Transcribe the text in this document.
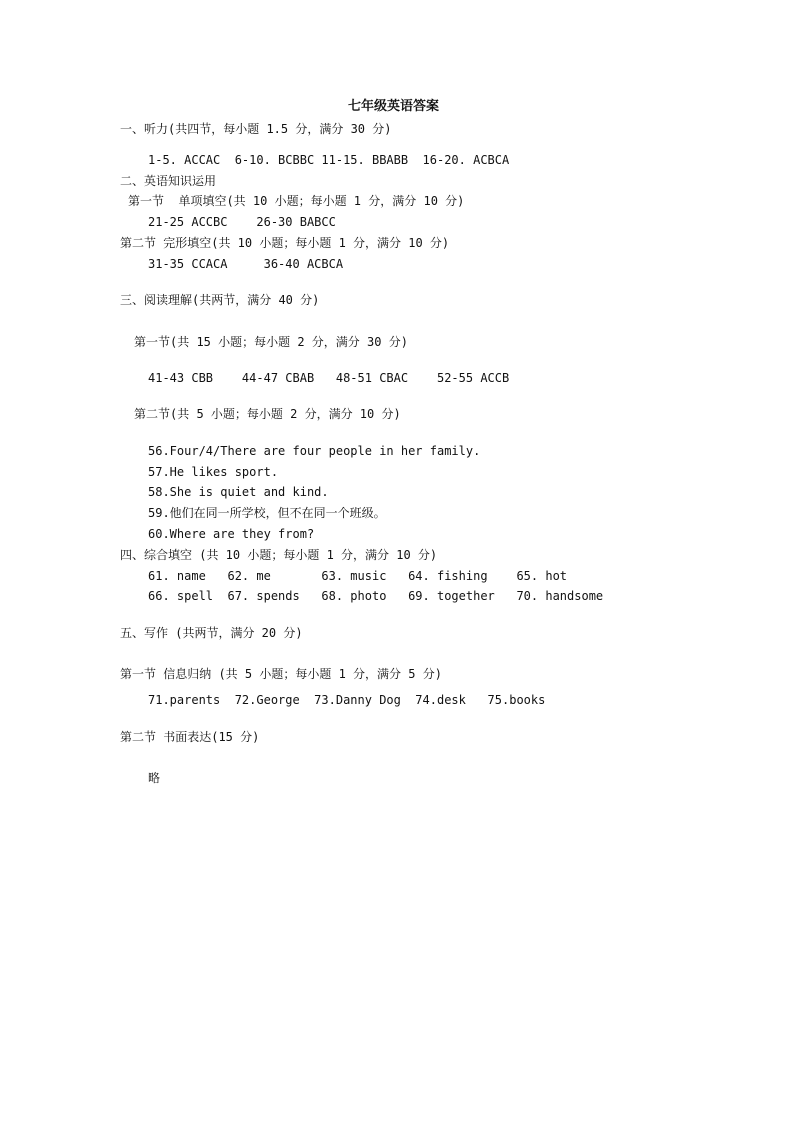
七年级英语答案
一、听力(共四节，每小题 1.5 分，满分 30 分)
1-5. ACCAC  6-10. BCBBC 11-15. BBABB  16-20. ACBCA
二、英语知识运用
第一节  单项填空(共 10 小题；每小题 1 分，满分 10 分)
21-25 ACCBC    26-30 BABCC
第二节 完形填空(共 10 小题；每小题 1 分，满分 10 分)
31-35 CCACA     36-40 ACBCA
三、阅读理解(共两节，满分 40 分)
第一节(共 15 小题；每小题 2 分，满分 30 分)
41-43 CBB    44-47 CBAB   48-51 CBAC    52-55 ACCB
第二节(共 5 小题；每小题 2 分，满分 10 分)
56.Four/4/There are four people in her family.
57.He likes sport.
58.She is quiet and kind.
59.他们在同一所学校，但不在同一个班级。
60.Where are they from?
四、综合填空 (共 10 小题；每小题 1 分，满分 10 分)
61. name   62. me       63. music   64. fishing    65. hot
66. spell  67. spends   68. photo   69. together   70. handsome
五、写作 (共两节，满分 20 分)
第一节 信息归纳 (共 5 小题；每小题 1 分，满分 5 分)
71.parents  72.George  73.Danny Dog  74.desk   75.books
第二节 书面表达(15 分)
略
